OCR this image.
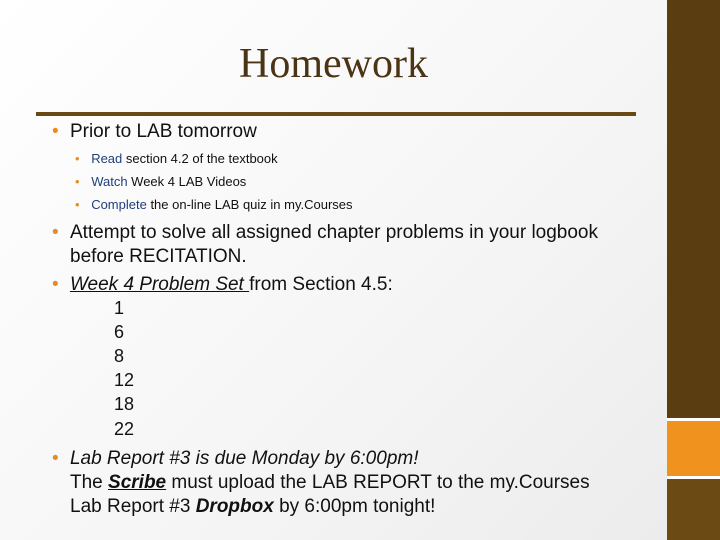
Homework
• Prior to LAB tomorrow
• Read section 4.2 of the textbook
• Watch Week 4 LAB Videos
• Complete the on-line LAB quiz in my.Courses
• Attempt to solve all assigned chapter problems in your logbook
before RECITATION.
• Week 4 Problem Set from Section 4.5:
1
6
8
12
18
22
• Lab Report #3 is due Monday by 6:00pm!
The Scribe must upload the LAB REPORT to the my.Courses
Lab Report #3 Dropbox by 6:00pm tonight!
